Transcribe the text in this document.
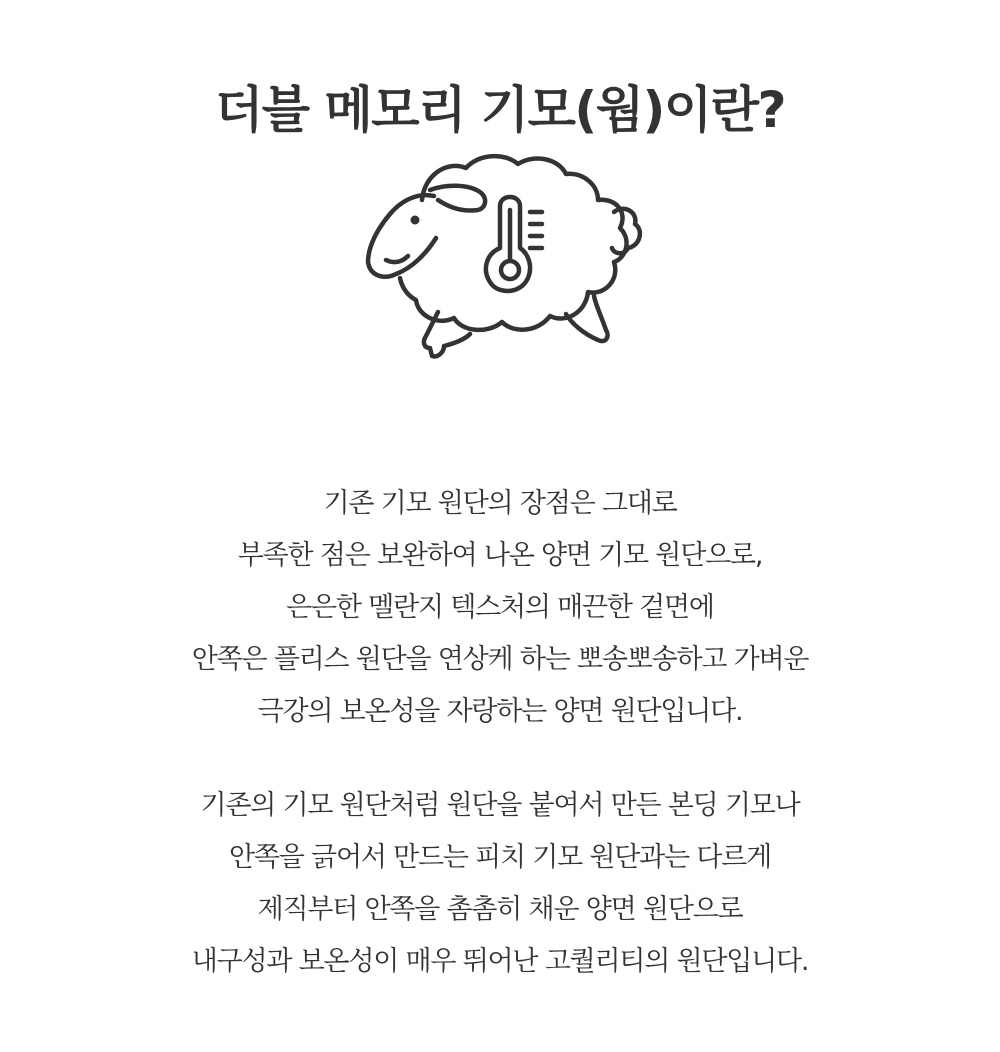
더블 메모리 기모(웜)이란?
기존 기모 원단의 장점은 그대로
부족한 점은 보완하여 나온 양면 기모 원단으로,
은은한 멜란지 텍스처의 매끈한 겉면에
안쪽은 플리스 원단을 연상케 하는 뽀송뽀송하고 가벼운
극강의 보온성을 자랑하는 양면 원단입니다.
기존의 기모 원단처럼 원단을 붙여서 만든 본딩 기모나
안쪽을 긁어서 만드는 피치 기모 원단과는 다르게
제직부터 안쪽을 촘촘히 채운 양면 원단으로
내구성과 보온성이 매우 뛰어난 고퀄리티의 원단입니다.
